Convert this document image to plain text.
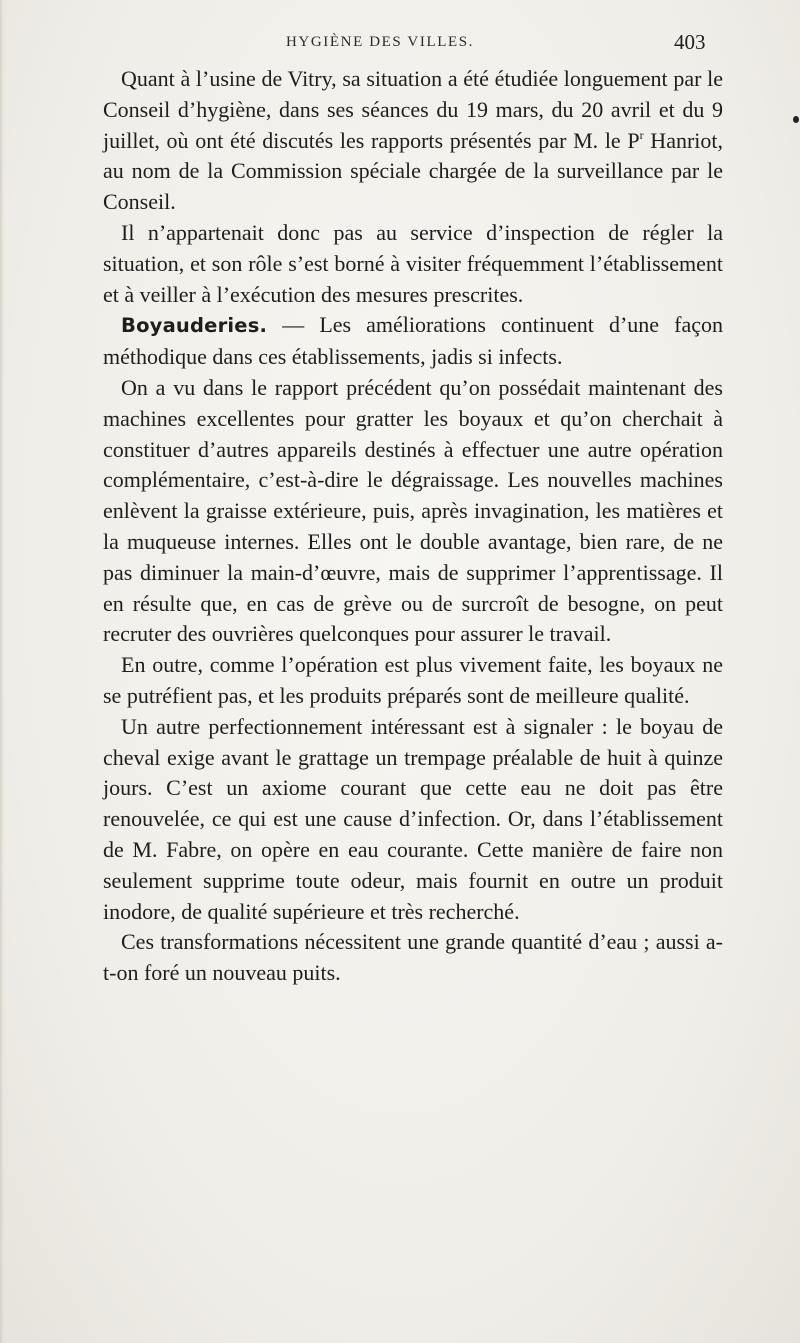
HYGIÈNE DES VILLES.	403

Quant à l’usine de Vitry, sa situation a été étudiée longuement par le Conseil d’hygiène, dans ses séances du 19 mars, du 20 avril et du 9 juillet, où ont été discutés les rapports présentés par M. le $P^r$ Hanriot, au nom de la Commission spéciale chargée de la surveillance par le Conseil.

Il n’appartenait donc pas au service d’inspection de régler la situation, et son rôle s’est borné à visiter fréquemment l’établissement et à veiller à l’exécution des mesures prescrites.

Boyauderies. — Les améliorations continuent d’une façon méthodique dans ces établissements, jadis si infects.

On a vu dans le rapport précédent qu’on possédait maintenant des machines excellentes pour gratter les boyaux et qu’on cherchait à constituer d’autres appareils destinés à effectuer une autre opération complémentaire, c’est-à-dire le dégraissage. Les nouvelles machines enlèvent la graisse extérieure, puis, après invagination, les matières et la muqueuse internes. Elles ont le double avantage, bien rare, de ne pas diminuer la main-d’œuvre, mais de supprimer l’apprentissage. Il en résulte que, en cas de grève ou de surcroît de besogne, on peut recruter des ouvrières quelconques pour assurer le travail.

En outre, comme l’opération est plus vivement faite, les boyaux ne se putréfient pas, et les produits préparés sont de meilleure qualité.

Un autre perfectionnement intéressant est à signaler : le boyau de cheval exige avant le grattage un trempage préalable de huit à quinze jours. C’est un axiome courant que cette eau ne doit pas être renouvelée, ce qui est une cause d’infection. Or, dans l’établissement de M. Fabre, on opère en eau courante. Cette manière de faire non seulement supprime toute odeur, mais fournit en outre un produit inodore, de qualité supérieure et très recherché.

Ces transformations nécessitent une grande quantité d’eau ; aussi a-t-on foré un nouveau puits.
